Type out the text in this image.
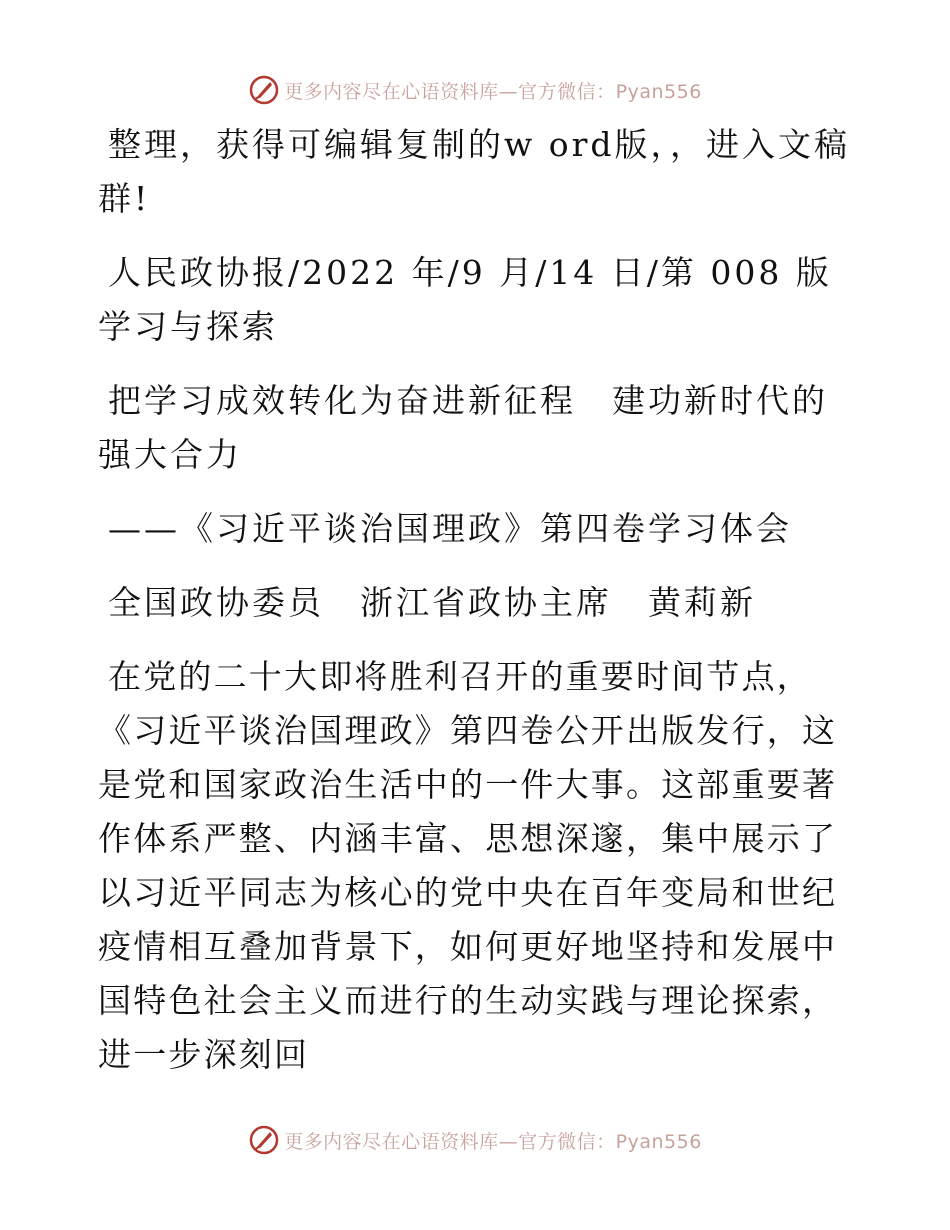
更多内容尽在心语资料库—官方微信：Pyan556

整理，获得可编辑复制的w ord版，，进入文稿群!

人民政协报/2022 年/9 月/14 日/第 008 版学习与探索

把学习成效转化为奋进新征程　建功新时代的强大合力

——《习近平谈治国理政》第四卷学习体会

全国政协委员　浙江省政协主席　黄莉新

在党的二十大即将胜利召开的重要时间节点，《习近平谈治国理政》第四卷公开出版发行，这是党和国家政治生活中的一件大事。这部重要著作体系严整、内涵丰富、思想深邃，集中展示了以习近平同志为核心的党中央在百年变局和世纪疫情相互叠加背景下，如何更好地坚持和发展中国特色社会主义而进行的生动实践与理论探索，进一步深刻回

更多内容尽在心语资料库—官方微信：Pyan556
